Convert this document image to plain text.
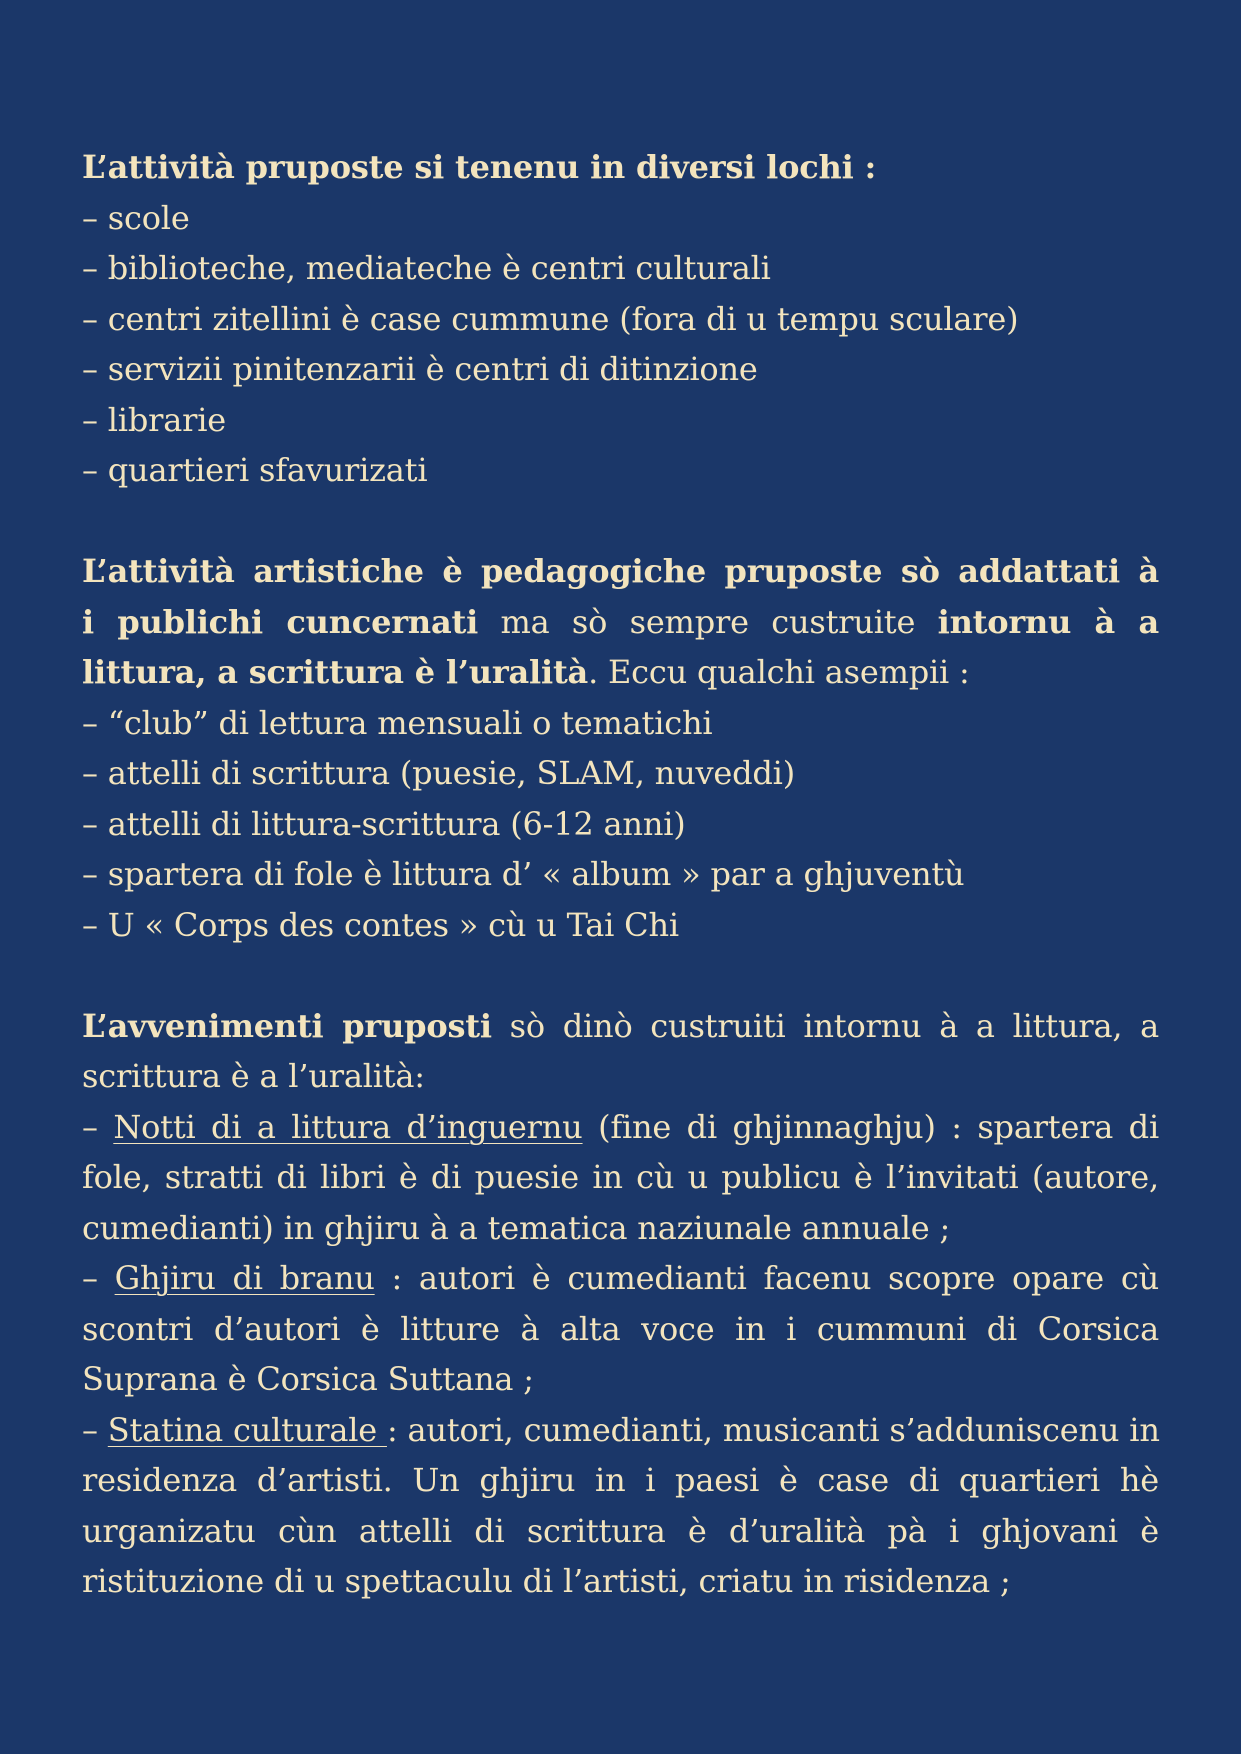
L’attività pruposte si tenenu in diversi lochi :
– scole
– biblioteche, mediateche è centri culturali
– centri zitellini è case cummune (fora di u tempu sculare)
– servizii pinitenzarii è centri di ditinzione
– librarie
– quartieri sfavurizati
L’attività artistiche è pedagogiche pruposte sò addattati à
i publichi cuncernati ma sò sempre custruite intornu à a
littura, a scrittura è l’uralità. Eccu qualchi asempii :
– “club” di lettura mensuali o tematichi
– attelli di scrittura (puesie, SLAM, nuveddi)
– attelli di littura-scrittura (6-12 anni)
– spartera di fole è littura d’ « album » par a ghjuventù
– U « Corps des contes » cù u Tai Chi
L’avvenimenti pruposti sò dinò custruiti intornu à a littura, a
scrittura è a l’uralità:
– Notti di a littura d’inguernu (fine di ghjinnaghju) : spartera di
fole, stratti di libri è di puesie in cù u publicu è l’invitati (autore,
cumedianti) in ghjiru à a tematica naziunale annuale ;
– Ghjiru di branu : autori è cumedianti facenu scopre opare cù
scontri d’autori è litture à alta voce in i cummuni di Corsica
Suprana è Corsica Suttana ;
– Statina culturale : autori, cumedianti, musicanti s’adduniscenu in
residenza d’artisti. Un ghjiru in i paesi è case di quartieri hè
urganizatu cùn attelli di scrittura è d’uralità pà i ghjovani è
ristituzione di u spettaculu di l’artisti, criatu in risidenza ;
